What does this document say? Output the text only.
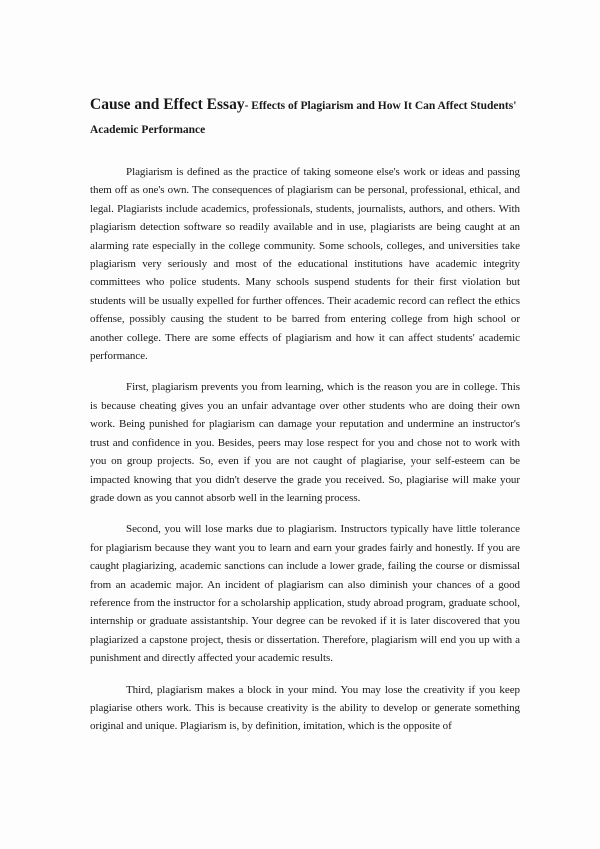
Cause and Effect Essay- Effects of Plagiarism and How It Can Affect Students'
Academic Performance

Plagiarism is defined as the practice of taking someone else's work or ideas and passing them off as one's own. The consequences of plagiarism can be personal, professional, ethical, and legal. Plagiarists include academics, professionals, students, journalists, authors, and others. With plagiarism detection software so readily available and in use, plagiarists are being caught at an alarming rate especially in the college community. Some schools, colleges, and universities take plagiarism very seriously and most of the educational institutions have academic integrity committees who police students. Many schools suspend students for their first violation but students will be usually expelled for further offences. Their academic record can reflect the ethics offense, possibly causing the student to be barred from entering college from high school or another college. There are some effects of plagiarism and how it can affect students' academic performance.

First, plagiarism prevents you from learning, which is the reason you are in college. This is because cheating gives you an unfair advantage over other students who are doing their own work. Being punished for plagiarism can damage your reputation and undermine an instructor's trust and confidence in you. Besides, peers may lose respect for you and chose not to work with you on group projects. So, even if you are not caught of plagiarise, your self-esteem can be impacted knowing that you didn't deserve the grade you received. So, plagiarise will make your grade down as you cannot absorb well in the learning process.

Second, you will lose marks due to plagiarism. Instructors typically have little tolerance for plagiarism because they want you to learn and earn your grades fairly and honestly. If you are caught plagiarizing, academic sanctions can include a lower grade, failing the course or dismissal from an academic major. An incident of plagiarism can also diminish your chances of a good reference from the instructor for a scholarship application, study abroad program, graduate school, internship or graduate assistantship. Your degree can be revoked if it is later discovered that you plagiarized a capstone project, thesis or dissertation. Therefore, plagiarism will end you up with a punishment and directly affected your academic results.

Third, plagiarism makes a block in your mind. You may lose the creativity if you keep plagiarise others work. This is because creativity is the ability to develop or generate something original and unique. Plagiarism is, by definition, imitation, which is the opposite of
